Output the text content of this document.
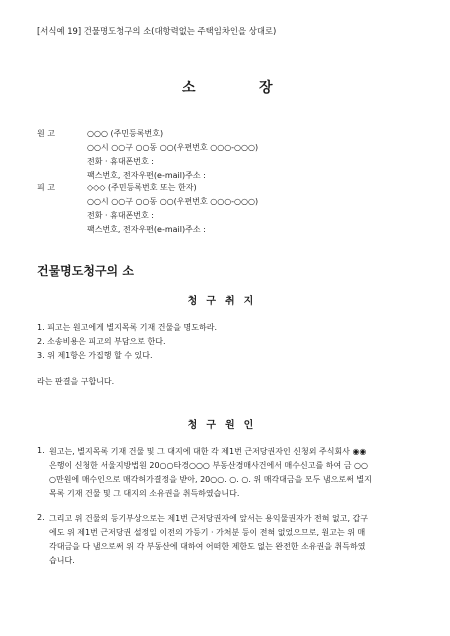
[서식예 19] 건물명도청구의 소(대항력없는 주택임차인을 상대로)
소	장
원 고	○○○ (주민등록번호)
○○시 ○○구 ○○동 ○○(우편번호 ○○○-○○○)
전화 · 휴대폰번호 :
팩스번호, 전자우편(e-mail)주소 :
피 고	◇◇◇ (주민등록번호 또는 한자)
○○시 ○○구 ○○동 ○○(우편번호 ○○○-○○○)
전화 · 휴대폰번호 :
팩스번호, 전자우편(e-mail)주소 :
건물명도청구의 소
청구취지
1. 피고는 원고에게 별지목록 기재 건물을 명도하라.
2. 소송비용은 피고의 부담으로 한다.
3. 위 제1항은 가집행 할 수 있다.
라는 판결을 구합니다.
청구원인
1. 원고는, 별지목록 기재 건물 및 그 대지에 대한 각 제1번 근저당권자인 신청외 주식회사 ◉◉
은행이 신청한 서울지방법원 20○○타경○○○ 부동산경매사건에서 매수신고를 하여 금 ○○
○만원에 매수인으로 매각허가결정을 받아, 20○○. ○. ○. 위 매각대금을 모두 냄으로써 별지
목록 기재 건물 및 그 대지의 소유권을 취득하였습니다.
2. 그리고 위 건물의 등기부상으로는 제1번 근저당권자에 앞서는 용익물권자가 전혀 없고, 갑구
에도 위 제1번 근저당권 설정일 이전의 가등기 · 가처분 등이 전혀 없었으므로, 원고는 위 매
각대금을 다 냄으로써 위 각 부동산에 대하여 어떠한 제한도 없는 완전한 소유권을 취득하였
습니다.
